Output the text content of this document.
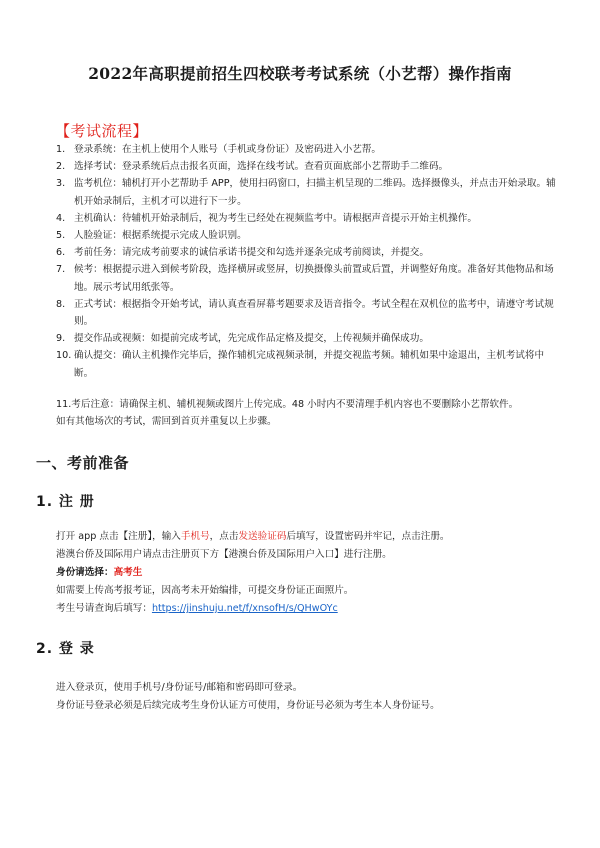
2022年高职提前招生四校联考考试系统（小艺帮）操作指南
【考试流程】
1. 登录系统：在主机上使用个人账号（手机或身份证）及密码进入小艺帮。
2. 选择考试：登录系统后点击报名页面，选择在线考试。查看页面底部小艺帮助手二维码。
3. 监考机位：辅机打开小艺帮助手 APP，使用扫码窗口，扫描主机呈现的二维码。选择摄像头，并点击开始录取。辅机开始录制后，主机才可以进行下一步。
4. 主机确认：待辅机开始录制后，视为考生已经处在视频监考中。请根据声音提示开始主机操作。
5. 人脸验证：根据系统提示完成人脸识别。
6. 考前任务：请完成考前要求的诚信承诺书提交和勾选并逐条完成考前阅读，并提交。
7. 候考：根据提示进入到候考阶段，选择横屏或竖屏，切换摄像头前置或后置，并调整好角度。准备好其他物品和场地。展示考试用纸张等。
8. 正式考试：根据指令开始考试，请认真查看屏幕考题要求及语音指令。考试全程在双机位的监考中，请遵守考试规则。
9. 提交作品或视频：如提前完成考试，先完成作品定格及提交，上传视频并确保成功。
10. 确认提交：确认主机操作完毕后，操作辅机完成视频录制，并提交视监考频。辅机如果中途退出，主机考试将中断。
11.考后注意：请确保主机、辅机视频或图片上传完成。48 小时内不要清理手机内容也不要删除小艺帮软件。
如有其他场次的考试，需回到首页并重复以上步骤。
一、考前准备
1. 注 册
打开 app 点击【注册】，输入手机号，点击发送验证码后填写，设置密码并牢记，点击注册。
港澳台侨及国际用户请点击注册页下方【港澳台侨及国际用户入口】进行注册。
身份请选择：高考生
如需要上传高考报考证，因高考未开始编排，可提交身份证正面照片。
考生号请查询后填写：https://jinshuju.net/f/xnsofH/s/QHwOYc
2. 登 录
进入登录页，使用手机号/身份证号/邮箱和密码即可登录。
身份证号登录必须是后续完成考生身份认证方可使用，身份证号必须为考生本人身份证号。
